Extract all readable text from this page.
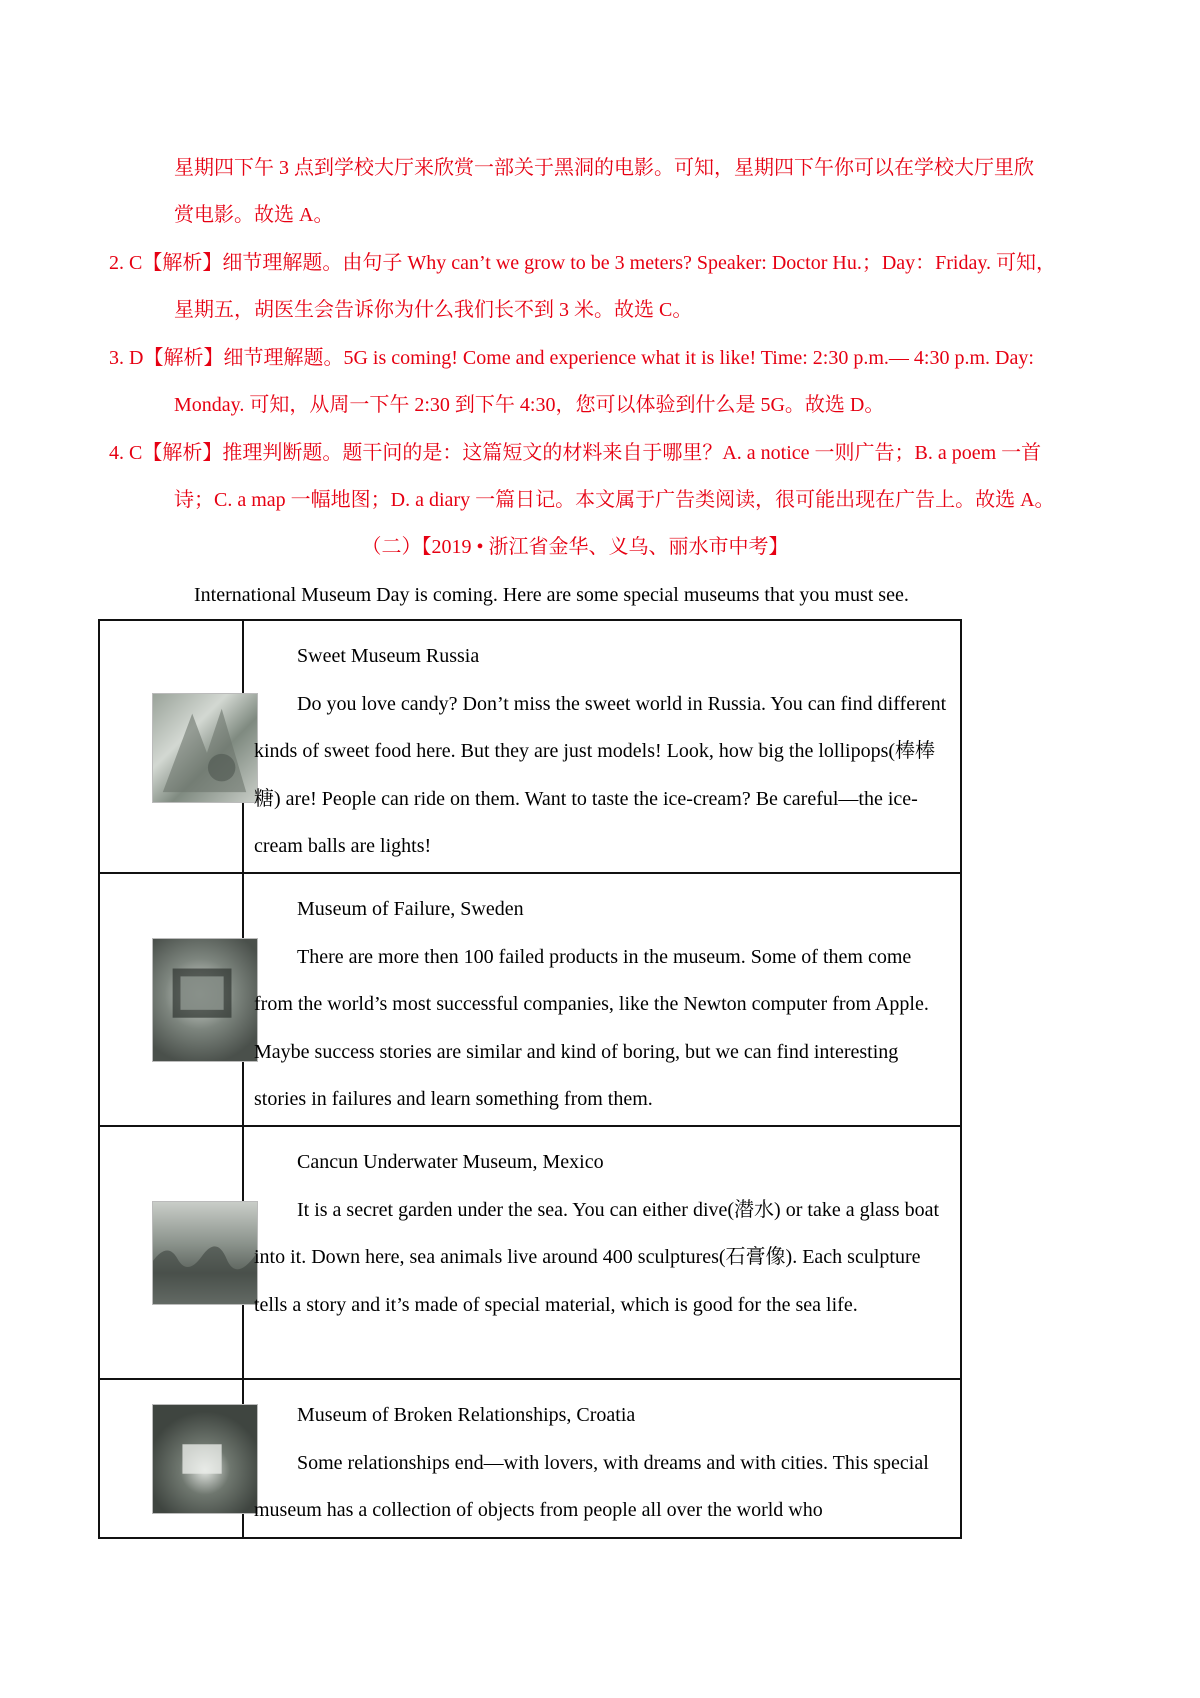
星期四下午 3 点到学校大厅来欣赏一部关于黑洞的电影。可知，星期四下午你可以在学校大厅里欣

赏电影。故选 A。

2. C【解析】细节理解题。由句子 Why can’t we grow to be 3 meters? Speaker: Doctor Hu.；Day：Friday. 可知，

星期五，胡医生会告诉你为什么我们长不到 3 米。故选 C。

3. D【解析】细节理解题。5G is coming! Come and experience what it is like! Time: 2:30 p.m.— 4:30 p.m. Day:

Monday. 可知，从周一下午 2:30 到下午 4:30，您可以体验到什么是 5G。故选 D。

4. C【解析】推理判断题。题干问的是：这篇短文的材料来自于哪里？A. a notice 一则广告；B. a poem 一首

诗；C. a map 一幅地图；D. a diary 一篇日记。本文属于广告类阅读，很可能出现在广告上。故选 A。

（二）【2019 • 浙江省金华、义乌、丽水市中考】

International Museum Day is coming. Here are some special museums that you must see.

Sweet Museum Russia
Do you love candy? Don’t miss the sweet world in Russia. You can find different kinds of sweet food here. But they are just models! Look, how big the lollipops(棒棒糖) are! People can ride on them. Want to taste the ice-cream? Be careful—the ice-cream balls are lights!

Museum of Failure, Sweden
There are more then 100 failed products in the museum. Some of them come from the world’s most successful companies, like the Newton computer from Apple. Maybe success stories are similar and kind of boring, but we can find interesting stories in failures and learn something from them.

Cancun Underwater Museum, Mexico
It is a secret garden under the sea. You can either dive(潜水) or take a glass boat into it. Down here, sea animals live around 400 sculptures(石膏像). Each sculpture tells a story and it’s made of special material, which is good for the sea life.

Museum of Broken Relationships, Croatia
Some relationships end—with lovers, with dreams and with cities. This special museum has a collection of objects from people all over the world who
